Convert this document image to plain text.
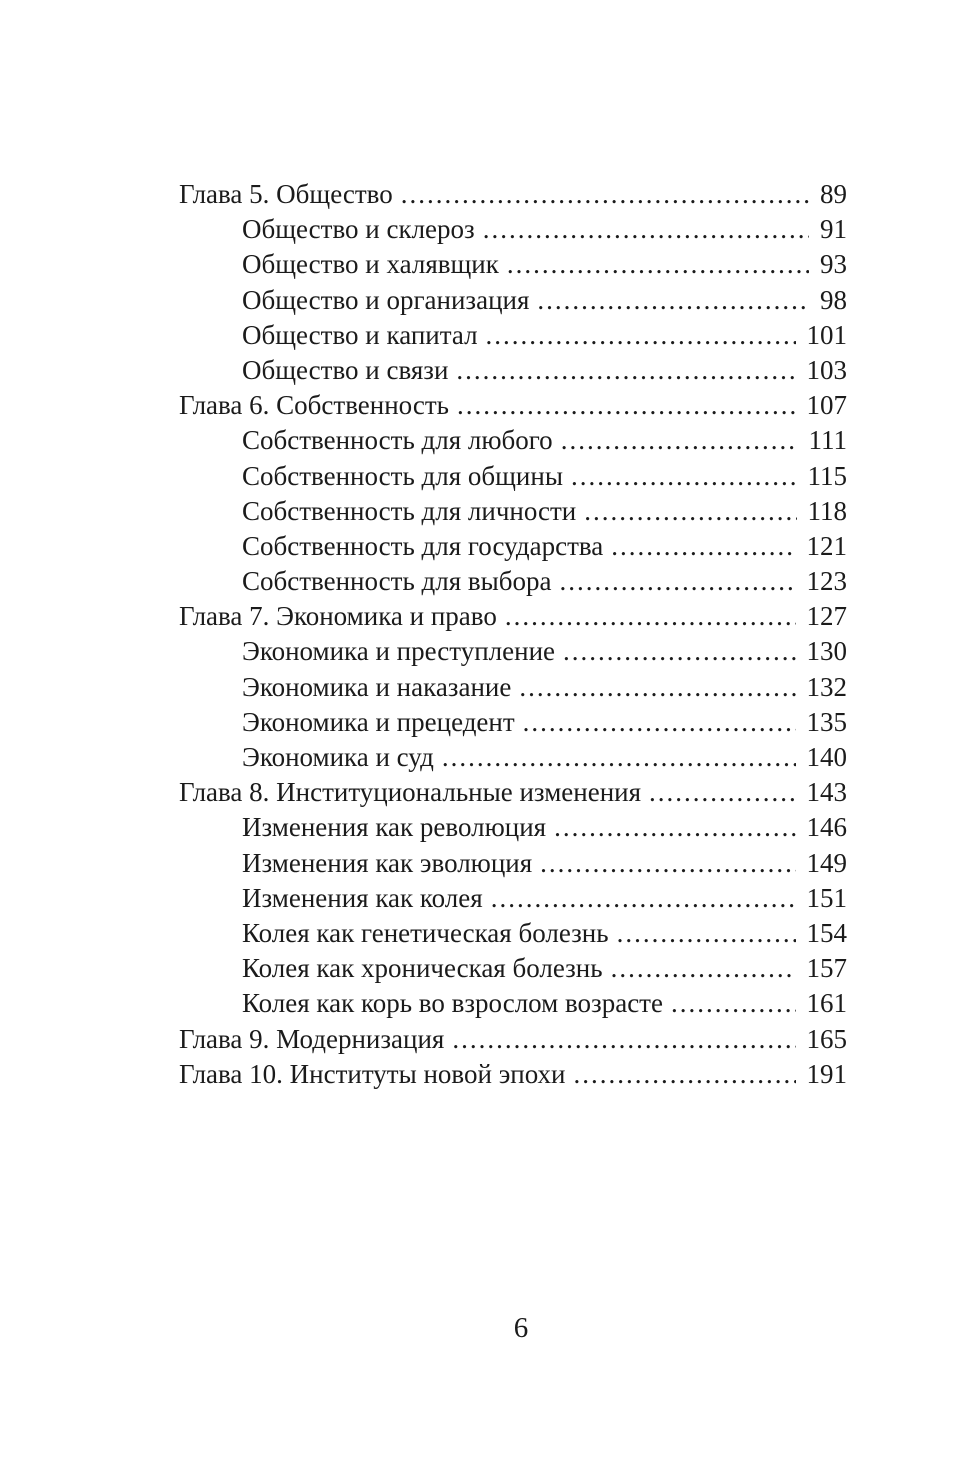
Глава 5. Общество .....	89
Общество и склероз .....	91
Общество и халявщик .....	93
Общество и организация .....	98
Общество и капитал .....	101
Общество и связи .....	103
Глава 6. Собственность .....	107
Собственность для любого .....	111
Собственность для общины .....	115
Собственность для личности .....	118
Собственность для государства .....	121
Собственность для выбора .....	123
Глава 7. Экономика и право .....	127
Экономика и преступление .....	130
Экономика и наказание .....	132
Экономика и прецедент .....	135
Экономика и суд .....	140
Глава 8. Институциональные изменения .....	143
Изменения как революция .....	146
Изменения как эволюция .....	149
Изменения как колея .....	151
Колея как генетическая болезнь .....	154
Колея как хроническая болезнь .....	157
Колея как корь во взрослом возрасте .....	161
Глава 9. Модернизация .....	165
Глава 10. Институты новой эпохи .....	191
6
